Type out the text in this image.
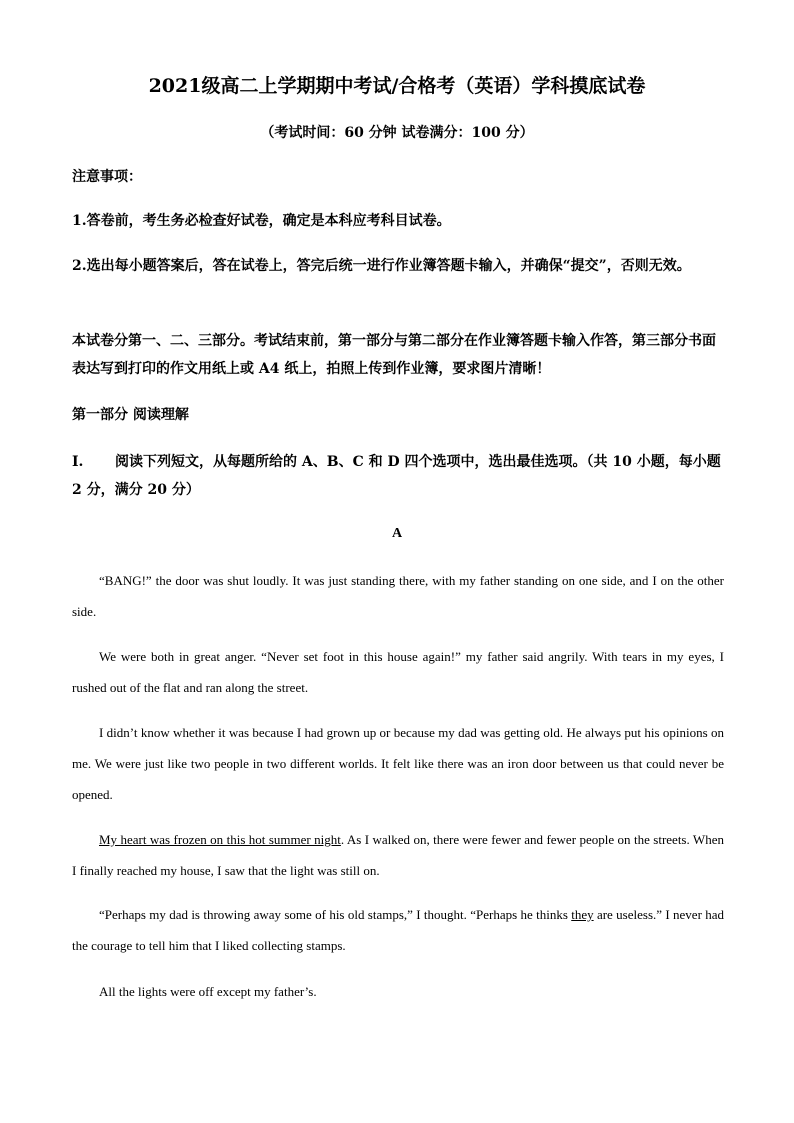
2021级高二上学期期中考试/合格考（英语）学科摸底试卷

（考试时间：60 分钟 试卷满分：100 分）

注意事项：

1.答卷前，考生务必检查好试卷，确定是本科应考科目试卷。

2.选出每小题答案后，答在试卷上，答完后统一进行作业簿答题卡输入，并确保“提交”，否则无效。

本试卷分第一、二、三部分。考试结束前，第一部分与第二部分在作业簿答题卡输入作答，第三部分书面表达写到打印的作文用纸上或 A4 纸上，拍照上传到作业簿，要求图片清晰！

第一部分 阅读理解

I. 阅读下列短文，从每题所给的 A、B、C 和 D 四个选项中，选出最佳选项。（共 10 小题，每小题 2 分，满分 20 分）

A

“BANG!” the door was shut loudly. It was just standing there, with my father standing on one side, and I on the other side.

We were both in great anger. “Never set foot in this house again!” my father said angrily. With tears in my eyes, I rushed out of the flat and ran along the street.

I didn’t know whether it was because I had grown up or because my dad was getting old. He always put his opinions on me. We were just like two people in two different worlds. It felt like there was an iron door between us that could never be opened.

My heart was frozen on this hot summer night. As I walked on, there were fewer and fewer people on the streets. When I finally reached my house, I saw that the light was still on.

“Perhaps my dad is throwing away some of his old stamps,” I thought. “Perhaps he thinks they are useless.” I never had the courage to tell him that I liked collecting stamps.

All the lights were off except my father’s.
